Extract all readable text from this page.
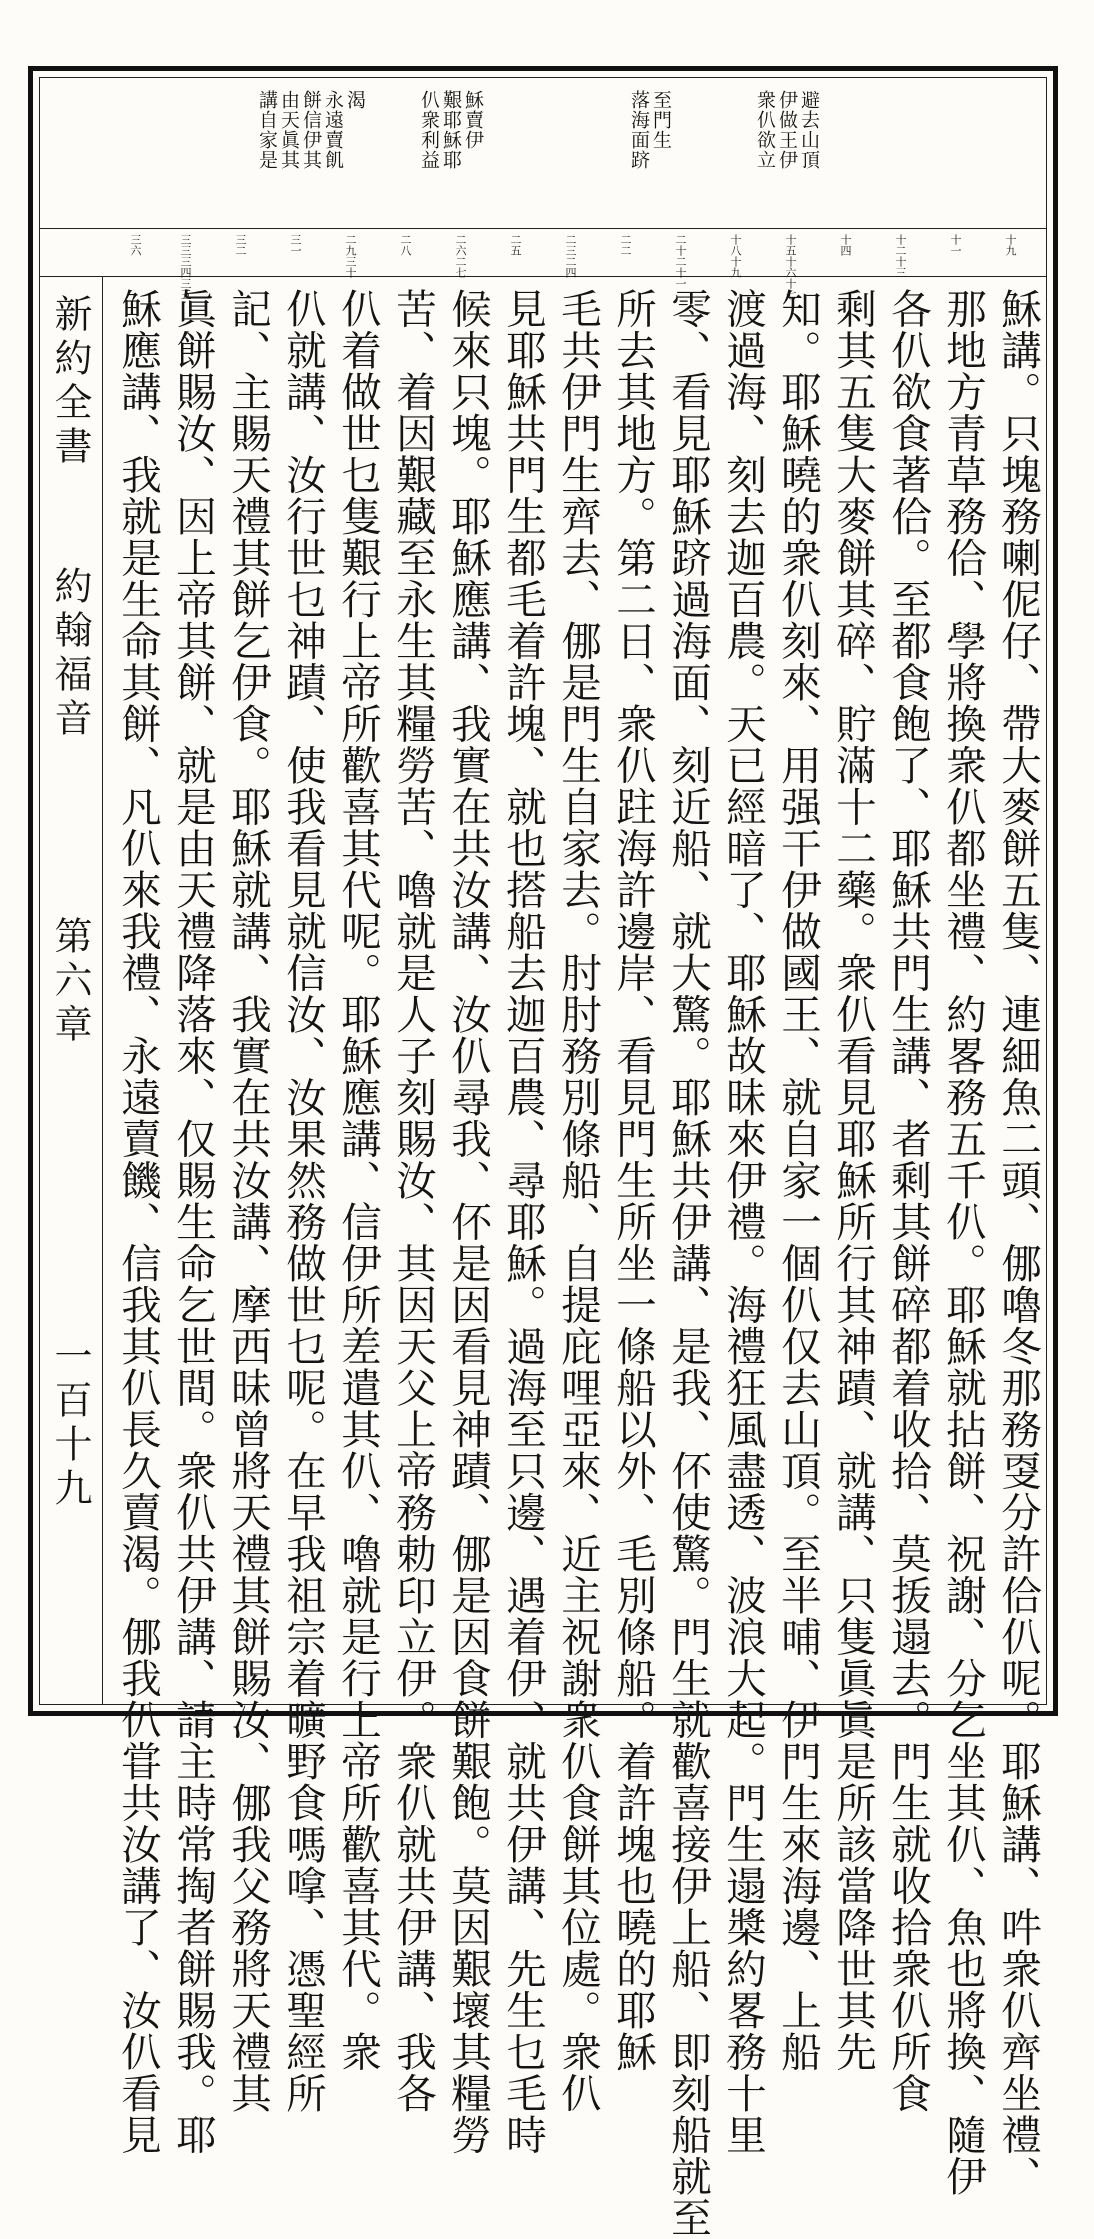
衆仈欲立 伊做王伊 避去山頂
落海面跻 至門生
仈衆利益 艱耶穌耶 穌賣伊
講自家是 由天眞其 餅信伊其 永遠賣飢 渴
十九
十一
十二十三
十四
十五十六十七
十八十九
二十二十一
二二
二三二四
二五
二六二七
二八
二九三十
三一
三二
三三三四三五
三六
新約全書
約翰福音
第六章
一百十九	穌講。只塊務喇伲仔、帶大麥餅五隻、連細魚二頭、㑚嚕冬那務㪅分許佮仈呢。耶穌講、吽衆仈齊坐禮、
那地方青草務佮、學將換衆仈都坐禮、約畧務五千仈。耶穌就拈餅、祝謝、分乞坐其仈、魚也將換、隨伊
各仈欲食著佮。至都食飽了、耶穌共門生講、者剩其餅碎都着收拾、莫㧞遢去。門生就收拾衆仈所食
剩其五隻大麥餅其碎、貯滿十二藥。衆仈看見耶穌所行其神蹟、就講、只隻眞眞是所該當降世其先
知。耶穌曉的衆仈刻來、用强干伊做國王、就自家一個仈仅去山頂。至半晡、伊門生來海邊、上船
渡過海、刻去迦百農。天已經暗了、耶穌故昧來伊禮。海禮狂風盡透、波浪大起。門生遢槳約畧務十里
零、看見耶穌跻過海面、刻近船、就大驚。耶穌共伊講、是我、伓使驚。門生就歡喜接伊上船、即刻船就至
所去其地方。第二日、衆仈跓海許邊岸、看見門生所坐一條船以外、毛別條船。着許塊也曉的耶穌
毛共伊門生齊去、㑚是門生自家去。肘肘務別條船、自提庇哩亞來、近主祝謝衆仈食餅其位處。衆仈
見耶穌共門生都毛着許塊、就也搭船去迦百農、尋耶穌。過海至只邊、遇着伊、就共伊講、先生乜毛時
候來只塊。耶穌應講、我實在共汝講、汝仈尋我、伓是因看見神蹟、㑚是因食餅艱飽。莫因艱壞其糧勞
苦、着因艱藏至永生其糧勞苦、嚕就是人子刻賜汝、其因天父上帝務勅印立伊。衆仈就共伊講、我各
仈着做世乜隻艱行上帝所歡喜其代呢。耶穌應講、信伊所差遣其仈、嚕就是行上帝所歡喜其代。衆
仈就講、汝行世乜神蹟、使我看見就信汝、汝果然務做世乜呢。在早我祖宗着曠野食嗎嗱、憑聖經所
記、主賜天禮其餅乞伊食。耶穌就講、我實在共汝講、摩西昧曾將天禮其餅賜汝、㑚我父務將天禮其
眞餅賜汝、因上帝其餅、就是由天禮降落來、仅賜生命乞世間。衆仈共伊講、請主時常掏者餅賜我。耶
穌應講、我就是生命其餅、凡仈來我禮、永遠賣饑、信我其仈長久賣渴。㑚我仈甞共汝講了、汝仈看見
